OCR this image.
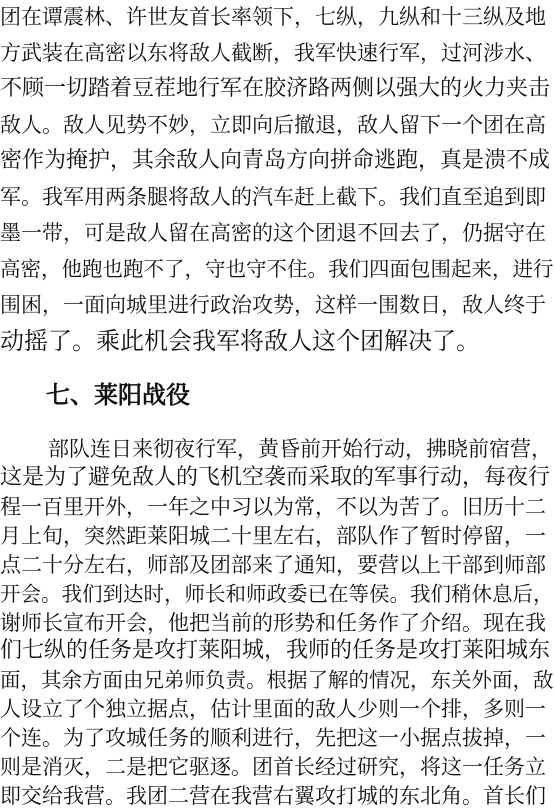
团在谭震林、许世友首长率领下，七纵，九纵和十三纵及地
方武装在高密以东将敌人截断，我军快速行军，过河涉水、
不顾一切踏着豆茬地行军在胶济路两侧以强大的火力夹击
敌人。敌人见势不妙，立即向后撤退，敌人留下一个团在高
密作为掩护，其余敌人向青岛方向拼命逃跑，真是溃不成
军。我军用两条腿将敌人的汽车赶上截下。我们直至追到即
墨一带，可是敌人留在高密的这个团退不回去了，仍据守在
高密，他跑也跑不了，守也守不住。我们四面包围起来，进行
围困，一面向城里进行政治攻势，这样一围数日，敌人终于
动摇了。乘此机会我军将敌人这个团解决了。
七、莱阳战役
部队连日来彻夜行军，黄昏前开始行动，拂晓前宿营，
这是为了避免敌人的飞机空袭而采取的军事行动，每夜行
程一百里开外，一年之中习以为常，不以为苦了。旧历十二
月上旬，突然距莱阳城二十里左右，部队作了暂时停留，一
点二十分左右，师部及团部来了通知，要营以上干部到师部
开会。我们到达时，师长和师政委已在等侯。我们稍休息后，
谢师长宣布开会，他把当前的形势和任务作了介绍。现在我
们七纵的任务是攻打莱阳城，我师的任务是攻打莱阳城东
面，其余方面由兄弟师负责。根据了解的情况，东关外面，敌
人设立了个独立据点，估计里面的敌人少则一个排，多则一
个连。为了攻城任务的顺利进行，先把这一小据点拔掉，一
则是消灭，二是把它驱逐。团首长经过研究，将这一任务立
即交给我营。我团二营在我营右翼攻打城的东北角。首长们
